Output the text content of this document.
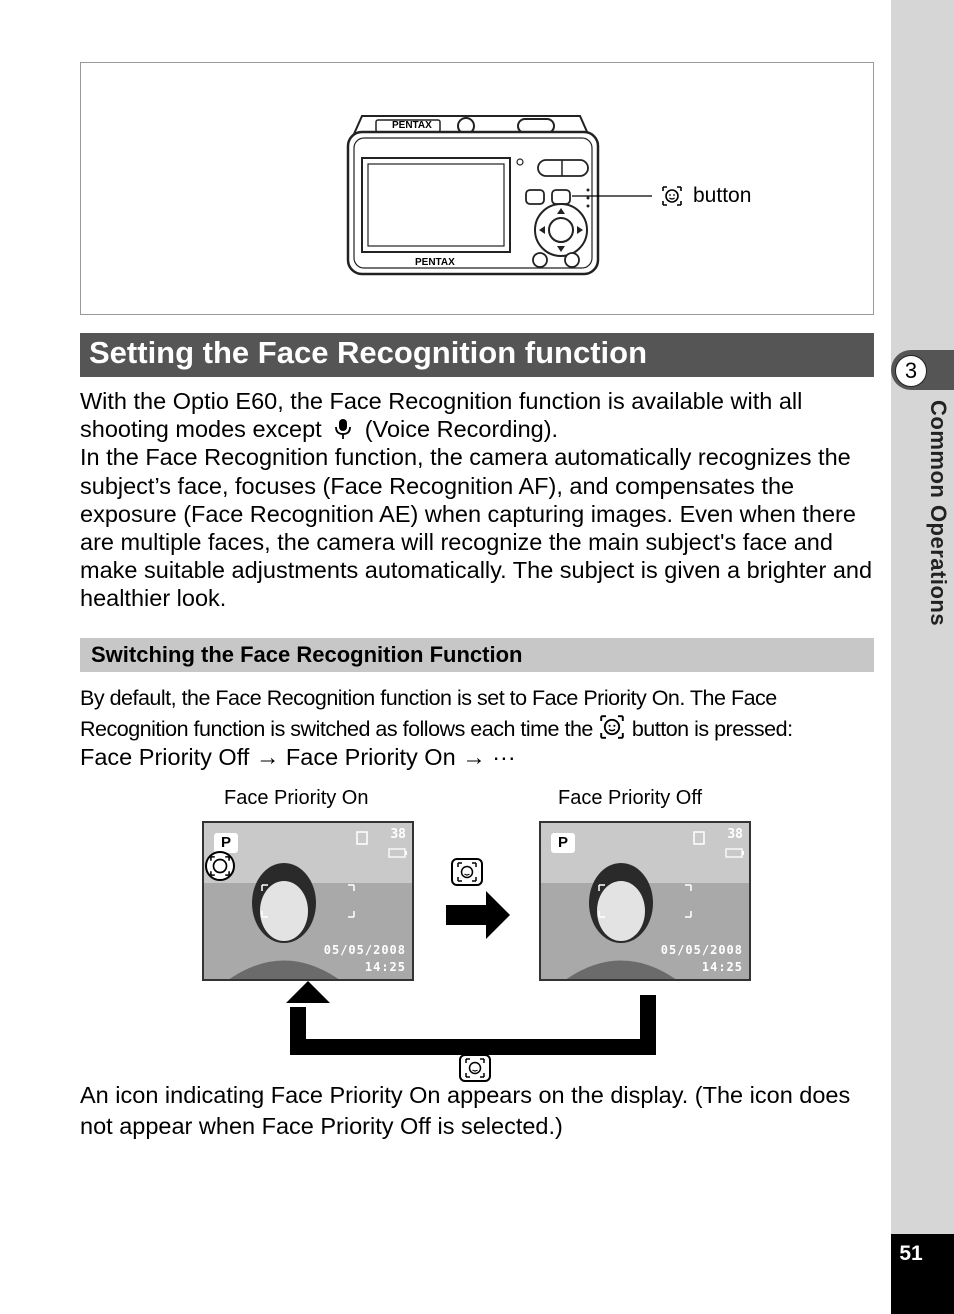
3
Common Operations
51
PENTAX
PENTAX
button
Setting the Face Recognition function

With the Optio E60, the Face Recognition function is available with all shooting modes except (Voice Recording).

In the Face Recognition function, the camera automatically recognizes the subject’s face, focuses (Face Recognition AF), and compensates the exposure (Face Recognition AE) when capturing images. Even when there are multiple faces, the camera will recognize the main subject's face and make suitable adjustments automatically. The subject is given a brighter and healthier look.

Switching the Face Recognition Function
By default, the Face Recognition function is set to Face Priority On. The Face Recognition function is switched as follows each time the button is pressed:
Face Priority Off → Face Priority On → ···
Face Priority On	Face Priority Off
P	38
05/05/2008
14:25
P	38
05/05/2008
14:25
An icon indicating Face Priority On appears on the display. (The icon does not appear when Face Priority Off is selected.)
